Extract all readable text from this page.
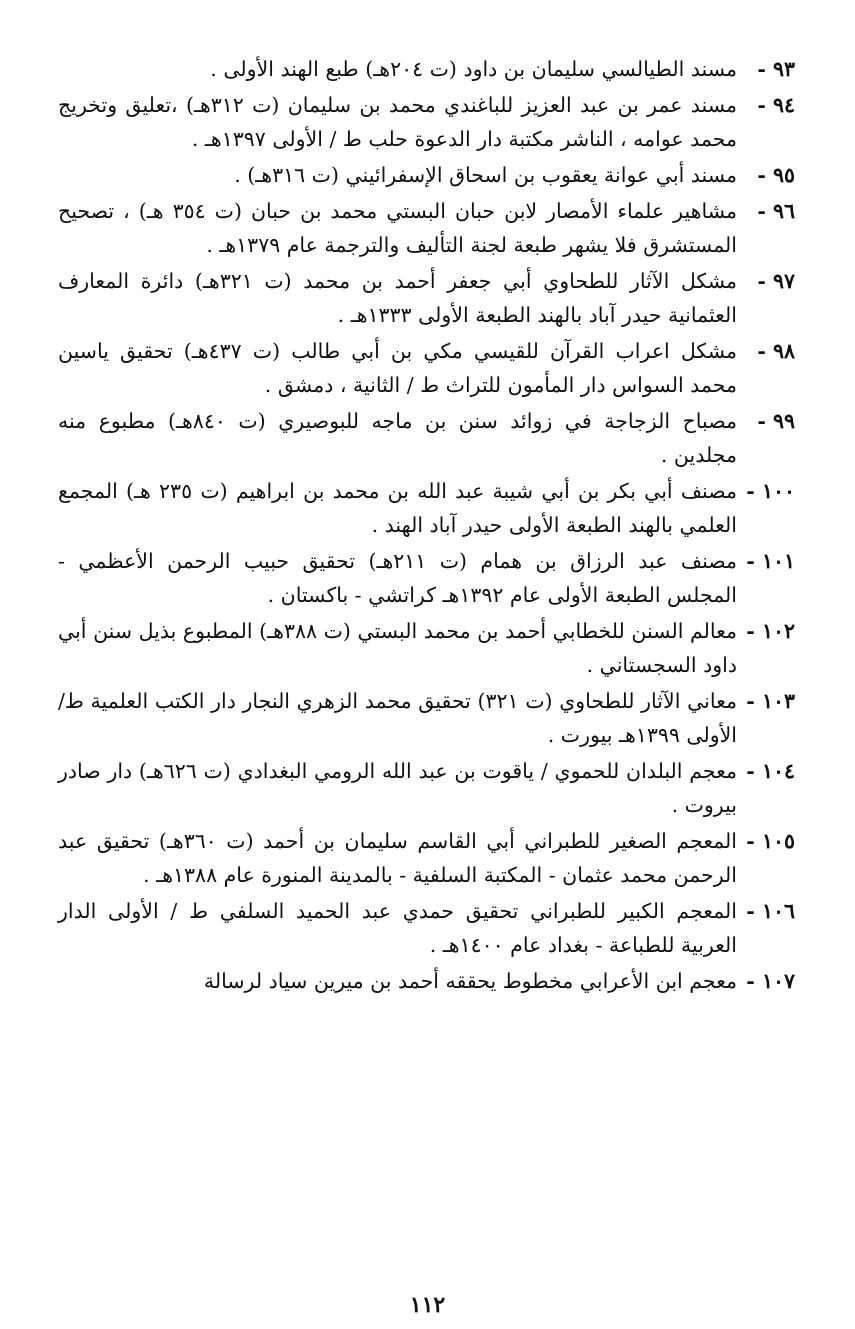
٩٣ -مسند الطيالسي سليمان بن داود (ت ٢٠٤هـ) طبع الهند الأولى .
٩٤ -مسند عمر بن عبد العزيز للباغندي محمد بن سليمان (ت ٣١٢هـ) ،تعليق وتخريج محمد عوامه ، الناشر مكتبة دار الدعوة حلب ط / الأولى ١٣٩٧هـ .
٩٥ -مسند أبي عوانة يعقوب بن اسحاق الإسفرائيني (ت ٣١٦هـ) .
٩٦ -مشاهير علماء الأمصار لابن حبان البستي محمد بن حبان (ت ٣٥٤ هـ) ، تصحيح المستشرق فلا يشهر طبعة لجنة التأليف والترجمة عام ١٣٧٩هـ .
٩٧ -مشكل الآثار للطحاوي أبي جعفر أحمد بن محمد (ت ٣٢١هـ) دائرة المعارف العثمانية حيدر آباد بالهند الطبعة الأولى ١٣٣٣هـ .
٩٨ -مشكل اعراب القرآن للقيسي مكي بن أبي طالب (ت ٤٣٧هـ) تحقيق ياسين محمد السواس دار المأمون للتراث ط / الثانية ، دمشق .
٩٩ -مصباح الزجاجة في زوائد سنن بن ماجه للبوصيري (ت ٨٤٠هـ) مطبوع منه مجلدين .
١٠٠ -مصنف أبي بكر بن أبي شيبة عبد الله بن محمد بن ابراهيم (ت ٢٣٥ هـ) المجمع العلمي بالهند الطبعة الأولى حيدر آباد الهند .
١٠١ -مصنف عبد الرزاق بن همام (ت ٢١١هـ) تحقيق حبيب الرحمن الأعظمي - المجلس الطبعة الأولى عام ١٣٩٢هـ كراتشي - باكستان .
١٠٢ -معالم السنن للخطابي أحمد بن محمد البستي (ت ٣٨٨هـ) المطبوع بذيل سنن أبي داود السجستاني .
١٠٣ -معاني الآثار للطحاوي (ت ٣٢١) تحقيق محمد الزهري النجار دار الكتب العلمية ط/ الأولى ١٣٩٩هـ بيورت .
١٠٤ -معجم البلدان للحموي / ياقوت بن عبد الله الرومي البغدادي (ت ٦٢٦هـ) دار صادر بيروت .
١٠٥ -المعجم الصغير للطبراني أبي القاسم سليمان بن أحمد (ت ٣٦٠هـ) تحقيق عبد الرحمن محمد عثمان - المكتبة السلفية - بالمدينة المنورة عام ١٣٨٨هـ .
١٠٦ -المعجم الكبير للطبراني تحقيق حمدي عبد الحميد السلفي ط / الأولى الدار العربية للطباعة - بغداد عام ١٤٠٠هـ .
١٠٧ -معجم ابن الأعرابي مخطوط يحققه أحمد بن ميرين سياد لرسالة
١١٢
